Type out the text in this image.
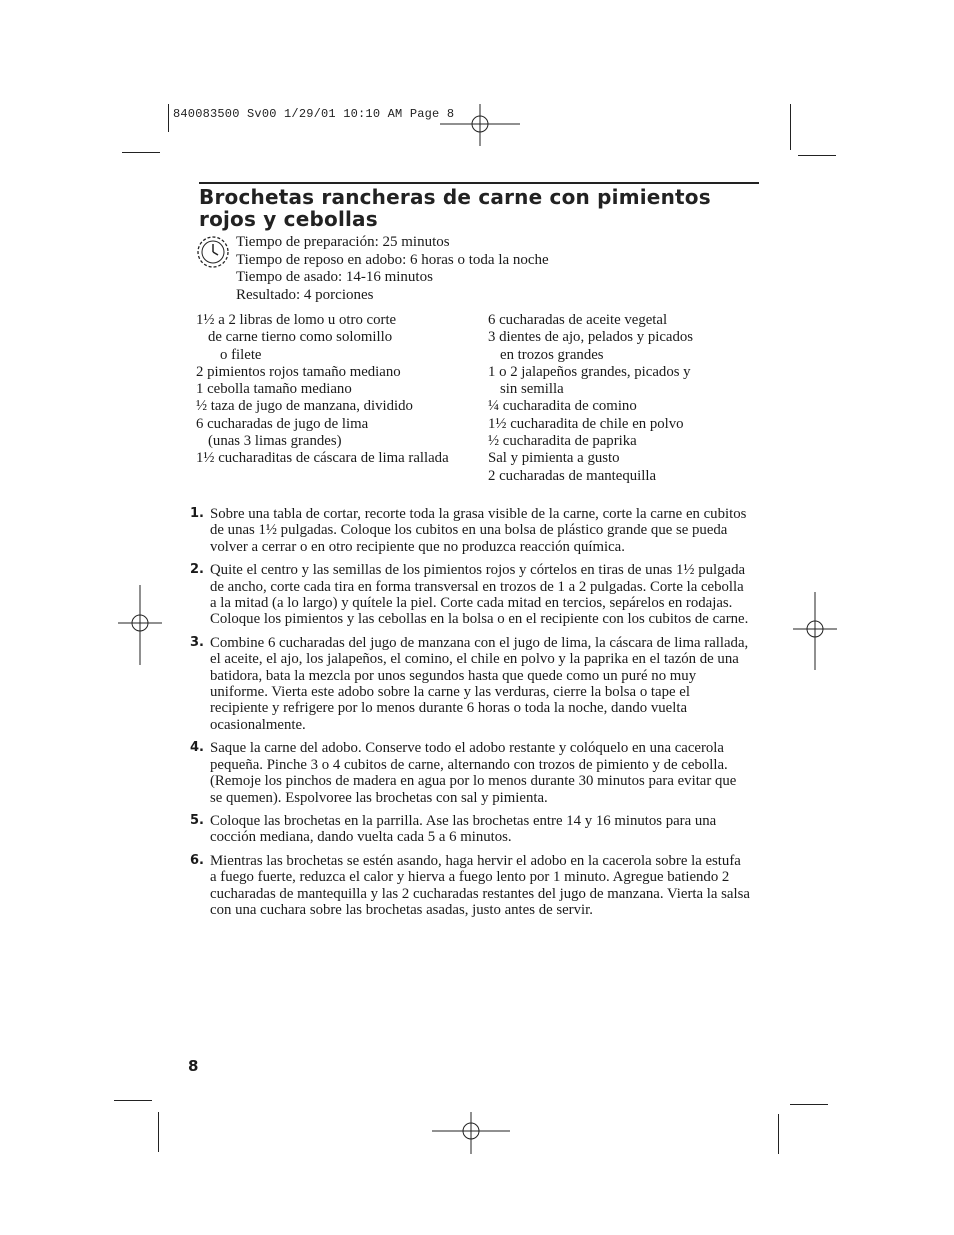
840083500 Sv00 1/29/01 10:10 AM Page 8
Brochetas rancheras de carne con pimientos rojos y cebollas
Tiempo de preparación: 25 minutos
Tiempo de reposo en adobo: 6 horas o toda la noche
Tiempo de asado: 14-16 minutos
Resultado: 4 porciones
1½ a 2 libras de lomo u otro corte
de carne tierno como solomillo
o filete
2 pimientos rojos tamaño mediano
1 cebolla tamaño mediano
½ taza de jugo de manzana, dividido
6 cucharadas de jugo de lima
(unas 3 limas grandes)
1½ cucharaditas de cáscara de lima rallada
6 cucharadas de aceite vegetal
3 dientes de ajo, pelados y picados
en trozos grandes
1 o 2 jalapeños grandes, picados y
sin semilla
¼ cucharadita de comino
1½ cucharadita de chile en polvo
½ cucharadita de paprika
Sal y pimienta a gusto
2 cucharadas de mantequilla
1. Sobre una tabla de cortar, recorte toda la grasa visible de la carne, corte la carne en cubitos de unas 1½ pulgadas. Coloque los cubitos en una bolsa de plástico grande que se pueda volver a cerrar o en otro recipiente que no produzca reacción química.
2. Quite el centro y las semillas de los pimientos rojos y córtelos en tiras de unas 1½ pulgada de ancho, corte cada tira en forma transversal en trozos de 1 a 2 pulgadas. Corte la cebolla a la mitad (a lo largo) y quítele la piel. Corte cada mitad en tercios, sepárelos en rodajas. Coloque los pimientos y las cebollas en la bolsa o en el recipiente con los cubitos de carne.
3. Combine 6 cucharadas del jugo de manzana con el jugo de lima, la cáscara de lima rallada, el aceite, el ajo, los jalapeños, el comino, el chile en polvo y la paprika en el tazón de una batidora, bata la mezcla por unos segundos hasta que quede como un puré no muy uniforme. Vierta este adobo sobre la carne y las verduras, cierre la bolsa o tape el recipiente y refrigere por lo menos durante 6 horas o toda la noche, dando vuelta ocasionalmente.
4. Saque la carne del adobo. Conserve todo el adobo restante y colóquelo en una cacerola pequeña. Pinche 3 o 4 cubitos de carne, alternando con trozos de pimiento y de cebolla. (Remoje los pinchos de madera en agua por lo menos durante 30 minutos para evitar que se quemen). Espolvoree las brochetas con sal y pimienta.
5. Coloque las brochetas en la parrilla. Ase las brochetas entre 14 y 16 minutos para una cocción mediana, dando vuelta cada 5 a 6 minutos.
6. Mientras las brochetas se estén asando, haga hervir el adobo en la cacerola sobre la estufa a fuego fuerte, reduzca el calor y hierva a fuego lento por 1 minuto. Agregue batiendo 2 cucharadas de mantequilla y las 2 cucharadas restantes del jugo de manzana. Vierta la salsa con una cuchara sobre las brochetas asadas, justo antes de servir.
8
